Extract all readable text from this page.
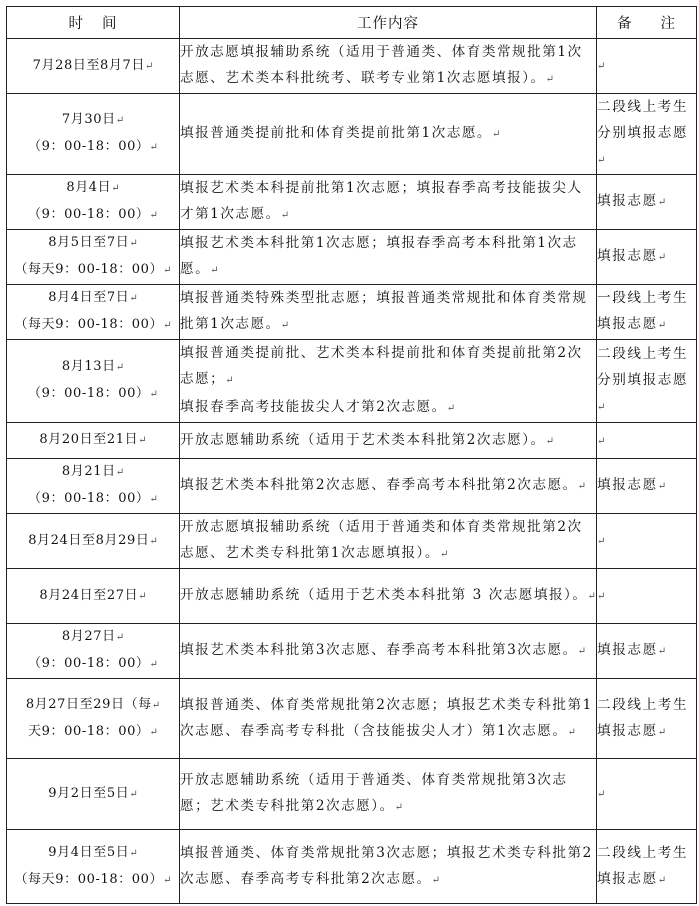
时 间	工作内容	备 注

7月28日至8月7日↵	开放志愿填报辅助系统（适用于普通类、体育类常规批第1次志愿、艺术类本科批统考、联考专业第1次志愿填报）。↵	↵

7月30日↵
（9：00-18：00）↵	填报普通类提前批和体育类提前批第1次志愿。↵	二段线上考生分别填报志愿↵

8月4日↵
（9：00-18：00）↵	填报艺术类本科提前批第1次志愿；填报春季高考技能拔尖人才第1次志愿。↵	填报志愿↵

8月5日至7日↵
（每天9：00-18：00）↵	填报艺术类本科批第1次志愿；填报春季高考本科批第1次志愿。↵	填报志愿↵

8月4日至7日↵
（每天9：00-18：00）↵	填报普通类特殊类型批志愿；填报普通类常规批和体育类常规批第1次志愿。↵	一段线上考生填报志愿↵

8月13日↵
（9：00-18：00）↵	填报普通类提前批、艺术类本科提前批和体育类提前批第2次志愿；↵
填报春季高考技能拔尖人才第2次志愿。↵	二段线上考生分别填报志愿↵

8月20日至21日↵	开放志愿辅助系统（适用于艺术类本科批第2次志愿）。↵	↵

8月21日↵
（9：00-18：00）↵	填报艺术类本科批第2次志愿、春季高考本科批第2次志愿。↵	填报志愿↵

8月24日至8月29日↵	开放志愿填报辅助系统（适用于普通类和体育类常规批第2次志愿、艺术类专科批第1次志愿填报）。↵	↵

8月24日至27日↵	开放志愿辅助系统（适用于艺术类本科批第 3 次志愿填报）。↵	↵

8月27日↵
（9：00-18：00）↵	填报艺术类本科批第3次志愿、春季高考本科批第3次志愿。↵	填报志愿↵

8月27日至29日（每↵
天9：00-18：00）↵	填报普通类、体育类常规批第2次志愿；填报艺术类专科批第1次志愿、春季高考专科批（含技能拔尖人才）第1次志愿。↵	二段线上考生填报志愿↵

9月2日至5日↵	开放志愿辅助系统（适用于普通类、体育类常规批第3次志愿；艺术类专科批第2次志愿）。↵	↵

9月4日至5日↵
（每天9：00-18：00）↵	填报普通类、体育类常规批第3次志愿；填报艺术类专科批第2次志愿、春季高考专科批第2次志愿。↵	二段线上考生填报志愿↵
